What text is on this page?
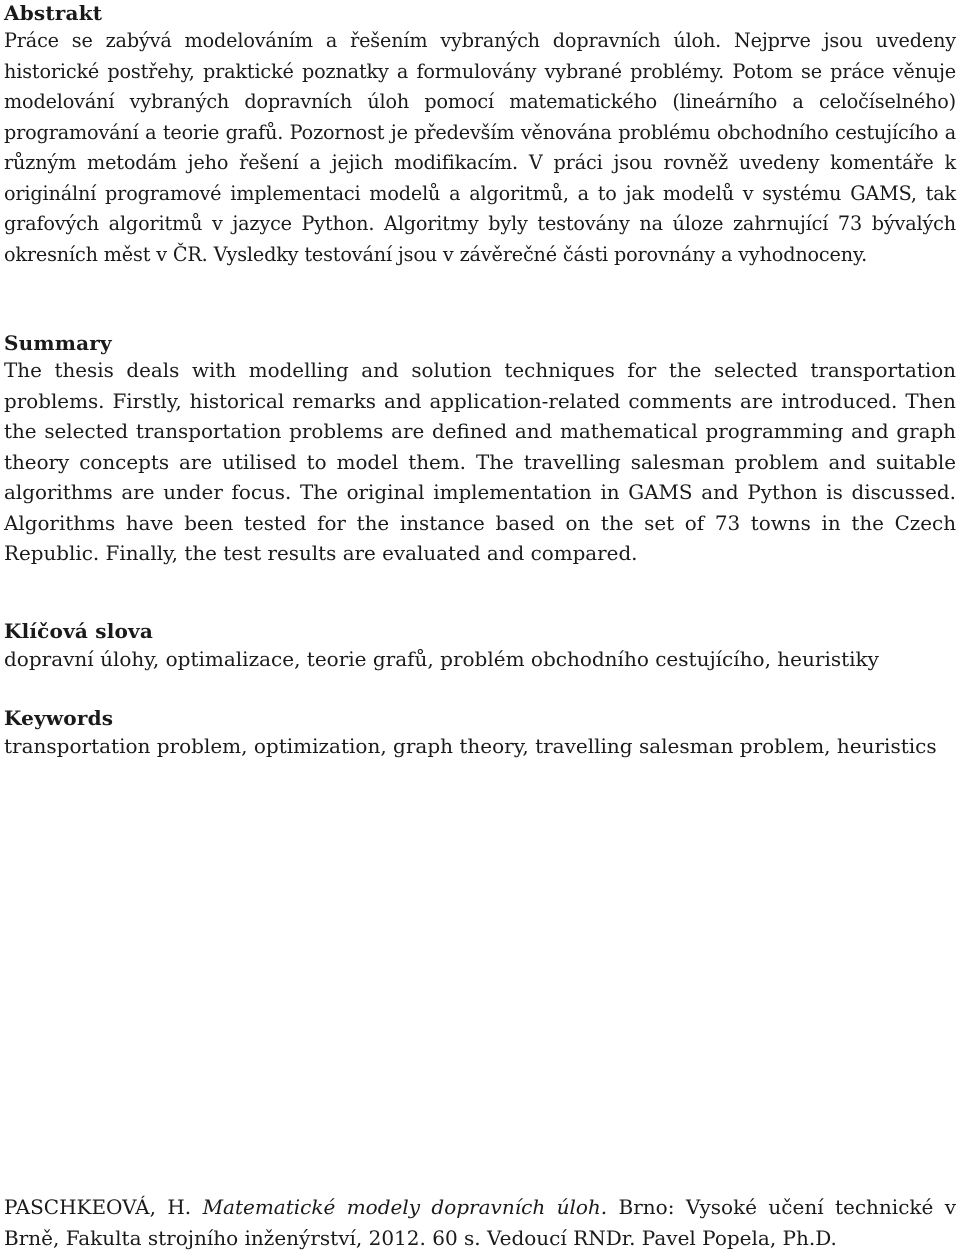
Abstrakt

Práce se zabývá modelováním a řešením vybraných dopravních úloh. Nejprve jsou uvedeny historické postřehy, praktické poznatky a formulovány vybrané problémy. Potom se práce věnuje modelování vybraných dopravních úloh pomocí matematického (lineárního a celočíselného) programování a teorie grafů. Pozornost je především věnována problému obchodního cestujícího a různým metodám jeho řešení a jejich modifikacím. V práci jsou rovněž uvedeny komentáře k originální programové implementaci modelů a algoritmů, a to jak modelů v systému GAMS, tak grafových algoritmů v jazyce Python. Algoritmy byly testovány na úloze zahrnující 73 bývalých okresních měst v ČR. Vysledky testování jsou v závěrečné části porovnány a vyhodnoceny.

Summary

The thesis deals with modelling and solution techniques for the selected transportation problems. Firstly, historical remarks and application-related comments are introduced. Then the selected transportation problems are defined and mathematical programming and graph theory concepts are utilised to model them. The travelling salesman problem and suitable algorithms are under focus. The original implementation in GAMS and Python is discussed. Algorithms have been tested for the instance based on the set of 73 towns in the Czech Republic. Finally, the test results are evaluated and compared.

Klíčová slova

dopravní úlohy, optimalizace, teorie grafů, problém obchodního cestujícího, heuristiky

Keywords

transportation problem, optimization, graph theory, travelling salesman problem, heuristics

PASCHKEOVÁ, H. Matematické modely dopravních úloh. Brno: Vysoké učení technické v Brně, Fakulta strojního inženýrství, 2012. 60 s. Vedoucí RNDr. Pavel Popela, Ph.D.
